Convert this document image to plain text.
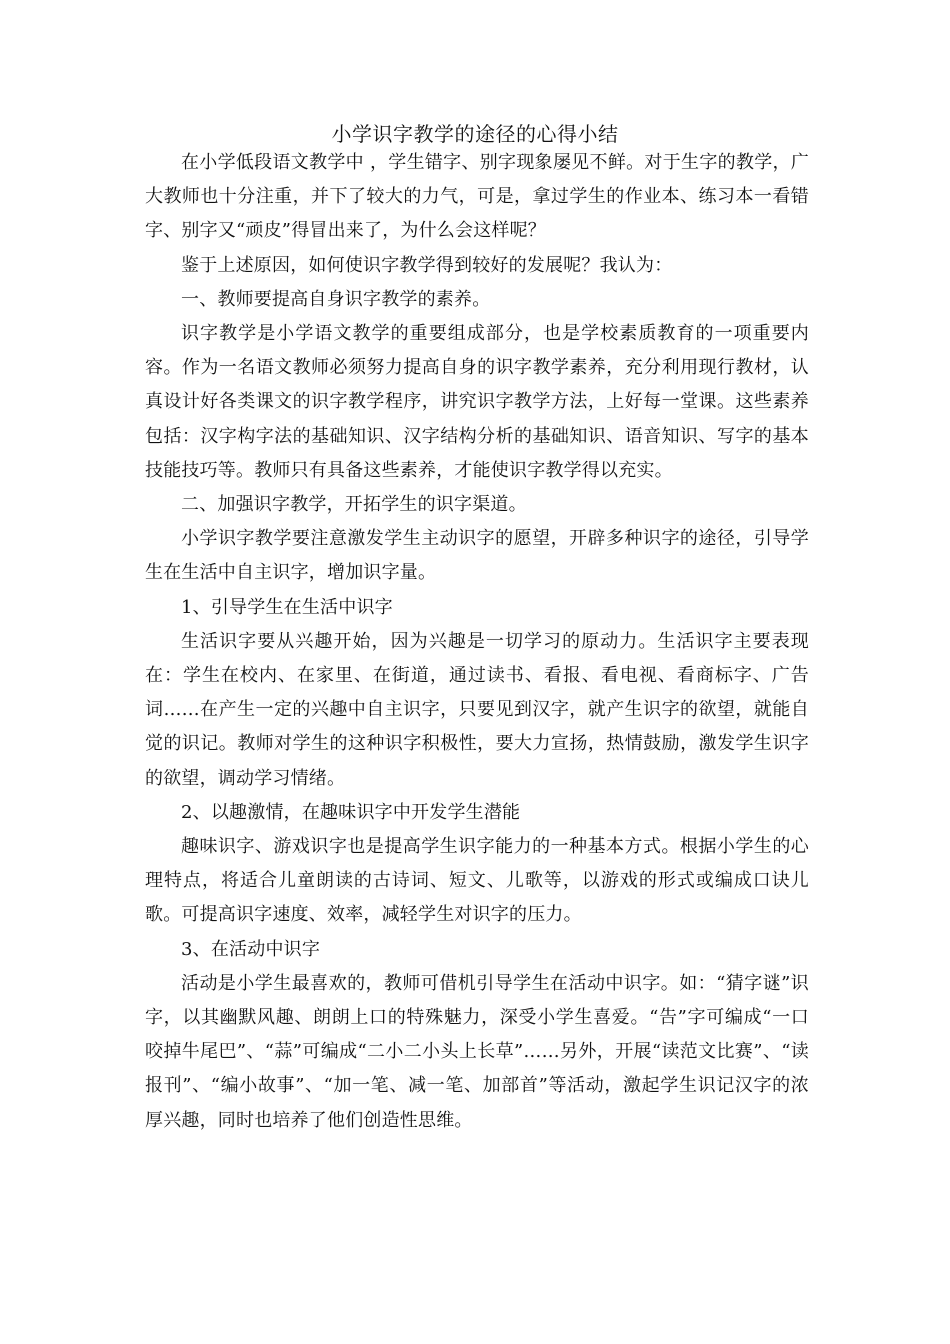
小学识字教学的途径的心得小结

在小学低段语文教学中 ，学生错字、别字现象屡见不鲜。对于生字的教学，广大教师也十分注重，并下了较大的力气，可是，拿过学生的作业本、练习本一看错字、别字又“顽皮”得冒出来了，为什么会这样呢？

鉴于上述原因，如何使识字教学得到较好的发展呢？我认为：

一、教师要提高自身识字教学的素养。

识字教学是小学语文教学的重要组成部分，也是学校素质教育的一项重要内容。作为一名语文教师必须努力提高自身的识字教学素养，充分利用现行教材，认真设计好各类课文的识字教学程序，讲究识字教学方法，上好每一堂课。这些素养包括：汉字构字法的基础知识、汉字结构分析的基础知识、语音知识、写字的基本技能技巧等。教师只有具备这些素养，才能使识字教学得以充实。

二、加强识字教学，开拓学生的识字渠道。

小学识字教学要注意激发学生主动识字的愿望，开辟多种识字的途径，引导学生在生活中自主识字，增加识字量。

1、引导学生在生活中识字

生活识字要从兴趣开始，因为兴趣是一切学习的原动力。生活识字主要表现在：学生在校内、在家里、在街道，通过读书、看报、看电视、看商标字、广告词……在产生一定的兴趣中自主识字，只要见到汉字，就产生识字的欲望，就能自觉的识记。教师对学生的这种识字积极性，要大力宣扬，热情鼓励，激发学生识字的欲望，调动学习情绪。

2、以趣激情，在趣味识字中开发学生潜能

趣味识字、游戏识字也是提高学生识字能力的一种基本方式。根据小学生的心理特点，将适合儿童朗读的古诗词、短文、儿歌等，以游戏的形式或编成口诀儿歌。可提高识字速度、效率，减轻学生对识字的压力。

3、在活动中识字

活动是小学生最喜欢的，教师可借机引导学生在活动中识字。如：“猜字谜”识字，以其幽默风趣、朗朗上口的特殊魅力，深受小学生喜爱。“告”字可编成“一口咬掉牛尾巴”、“蒜”可编成“二小二小头上长草”……另外，开展“读范文比赛”、“读报刊”、“编小故事”、“加一笔、减一笔、加部首”等活动，激起学生识记汉字的浓厚兴趣，同时也培养了他们创造性思维。
